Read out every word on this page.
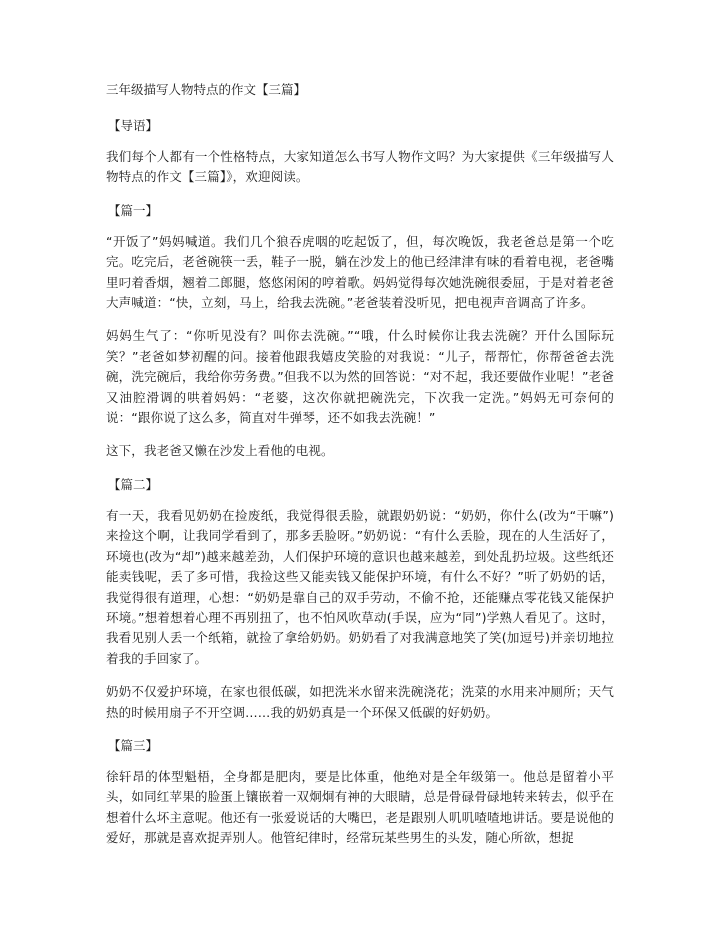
三年级描写人物特点的作文【三篇】
【导语】

我们每个人都有一个性格特点，大家知道怎么书写人物作文吗？为大家提供《三年级描写人物特点的作文【三篇】》，欢迎阅读。

【篇一】

“开饭了”妈妈喊道。我们几个狼吞虎咽的吃起饭了，但，每次晚饭，我老爸总是第一个吃完。吃完后，老爸碗筷一丢，鞋子一脱，躺在沙发上的他已经津津有味的看着电视，老爸嘴里叼着香烟，翘着二郎腿，悠悠闲闲的哼着歌。妈妈觉得每次她洗碗很委屈，于是对着老爸大声喊道：“快，立刻，马上，给我去洗碗。”老爸装着没听见，把电视声音调高了许多。

妈妈生气了：“你听见没有？叫你去洗碗。”“哦，什么时候你让我去洗碗？开什么国际玩笑？”老爸如梦初醒的问。接着他跟我嬉皮笑脸的对我说：“儿子，帮帮忙，你帮爸爸去洗碗，洗完碗后，我给你劳务费。”但我不以为然的回答说：“对不起，我还要做作业呢！”老爸又油腔滑调的哄着妈妈：“老婆，这次你就把碗洗完，下次我一定洗。”妈妈无可奈何的说：“跟你说了这么多，简直对牛弹琴，还不如我去洗碗！”

这下，我老爸又懒在沙发上看他的电视。

【篇二】

有一天，我看见奶奶在捡废纸，我觉得很丢脸，就跟奶奶说：“奶奶，你什么(改为“干嘛”)来捡这个啊，让我同学看到了，那多丢脸呀。”奶奶说：“有什么丢脸，现在的人生活好了，环境也(改为“却”)越来越差劲，人们保护环境的意识也越来越差，到处乱扔垃圾。这些纸还能卖钱呢，丢了多可惜，我捡这些又能卖钱又能保护环境，有什么不好？”听了奶奶的话，我觉得很有道理，心想：“奶奶是靠自己的双手劳动，不偷不抢，还能赚点零花钱又能保护环境。”想着想着心理不再别扭了，也不怕风吹草动(手误，应为“同”)学熟人看见了。这时，我看见别人丢一个纸箱，就捡了拿给奶奶。奶奶看了对我满意地笑了笑(加逗号)并亲切地拉着我的手回家了。

奶奶不仅爱护环境，在家也很低碳，如把洗米水留来洗碗浇花；洗菜的水用来冲厕所；天气热的时候用扇子不开空调……我的奶奶真是一个环保又低碳的好奶奶。

【篇三】

徐轩昂的体型魁梧，全身都是肥肉，要是比体重，他绝对是全年级第一。他总是留着小平头，如同红苹果的脸蛋上镶嵌着一双炯炯有神的大眼睛，总是骨碌骨碌地转来转去，似乎在想着什么坏主意呢。他还有一张爱说话的大嘴巴，老是跟别人叽叽喳喳地讲话。要是说他的爱好，那就是喜欢捉弄别人。他管纪律时，经常玩某些男生的头发，随心所欲，想捉
